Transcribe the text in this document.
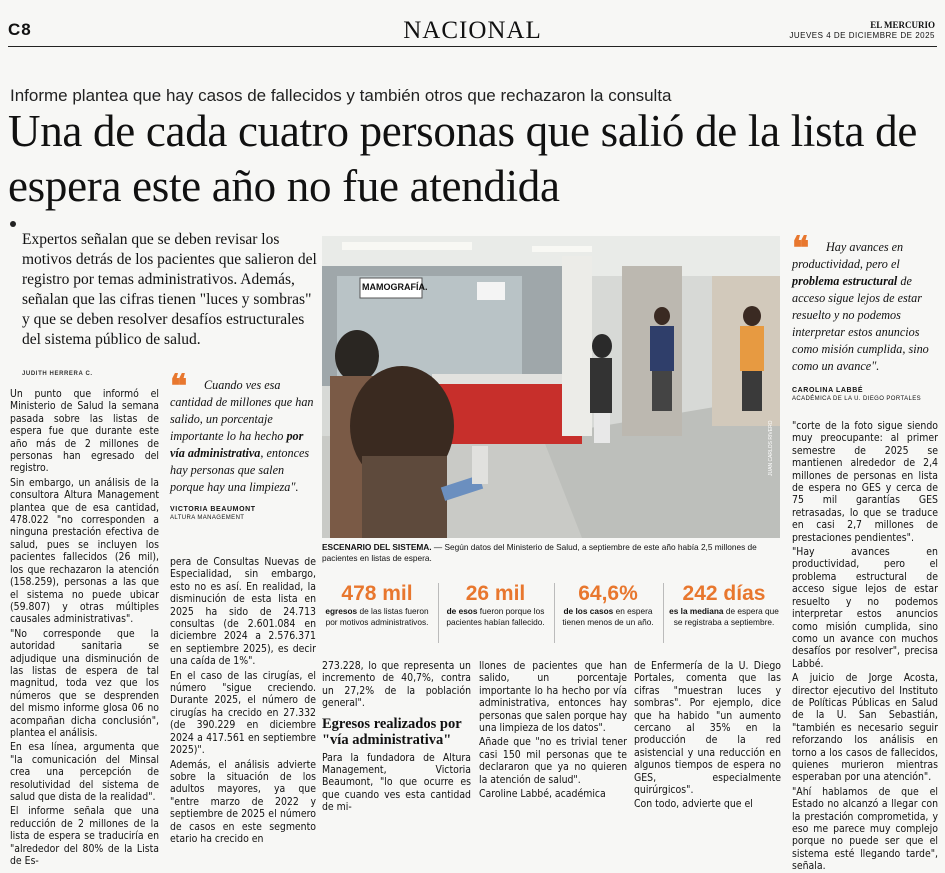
C8	NACIONAL	EL MERCURIO
JUEVES 4 DE DICIEMBRE DE 2025
Informe plantea que hay casos de fallecidos y también otros que rechazaron la consulta
Una de cada cuatro personas que salió de la lista de espera este año no fue atendida
Expertos señalan que se deben revisar los motivos detrás de los pacientes que salieron del registro por temas administrativos. Además, señalan que las cifras tienen "luces y sombras" y que se deben resolver desafíos estructurales del sistema público de salud.
JUDITH HERRERA C.

Un punto que informó el Ministerio de Salud la semana pasada sobre las listas de espera fue que durante este año más de 2 millones de personas han egresado del registro.

Sin embargo, un análisis de la consultora Altura Management plantea que de esa cantidad, 478.022 "no corresponden a ninguna prestación efectiva de salud, pues se incluyen los pacientes fallecidos (26 mil), los que rechazaron la atención (158.259), personas a las que el sistema no puede ubicar (59.807) y otras múltiples causales administrativas".

"No corresponde que la autoridad sanitaria se adjudique una disminución de las listas de espera de tal magnitud, toda vez que los números que se desprenden del mismo informe glosa 06 no acompañan dicha conclusión", plantea el análisis.

En esa línea, argumenta que "la comunicación del Minsal crea una percepción de resolutividad del sistema de salud que dista de la realidad".

El informe señala que una reducción de 2 millones de la lista de espera se traduciría en "alrededor del 80% de la Lista de Es-

❝	Cuando ves esa cantidad de millones que han salido, un porcentaje importante lo ha hecho por vía administrativa, entonces hay personas que salen porque hay una limpieza".
VICTORIA BEAUMONT
ALTURA MANAGEMENT

pera de Consultas Nuevas de Especialidad, sin embargo, esto no es así. En realidad, la disminución de esta lista en 2025 ha sido de 24.713 consultas (de 2.601.084 en diciembre 2024 a 2.576.371 en septiembre 2025), es decir una caída de 1%".

En el caso de las cirugías, el número "sigue creciendo. Durante 2025, el número de cirugías ha crecido en 27.332 (de 390.229 en diciembre 2024 a 417.561 en septiembre 2025)".

Además, el análisis advierte sobre la situación de los adultos mayores, ya que "entre marzo de 2022 y septiembre de 2025 el número de casos en este segmento etario ha crecido en

MAMOGRAFÍA.
JUAN CARLOS RIVERO
ESCENARIO DEL SISTEMA. — Según datos del Ministerio de Salud, a septiembre de este año había 2,5 millones de pacientes en listas de espera.
478 mil
egresos de las listas fueron por motivos administrativos.
26 mil
de esos fueron porque los pacientes habían fallecido.
64,6%
de los casos en espera tienen menos de un año.
242 días
es la mediana de espera que se registraba a septiembre.

273.228, lo que representa un incremento de 40,7%, contra un 27,2% de la población general".

Egresos realizados por "vía administrativa"

Para la fundadora de Altura Management, Victoria Beaumont, "lo que ocurre es que cuando ves esta cantidad de mi-

llones de pacientes que han salido, un porcentaje importante lo ha hecho por vía administrativa, entonces hay personas que salen porque hay una limpieza de los datos".

Añade que "no es trivial tener casi 150 mil personas que te declararon que ya no quieren la atención de salud".

Caroline Labbé, académica

de Enfermería de la U. Diego Portales, comenta que las cifras "muestran luces y sombras". Por ejemplo, dice que ha habido "un aumento cercano al 35% en la producción de la red asistencial y una reducción en algunos tiempos de espera no GES, especialmente quirúrgicos".

Con todo, advierte que el

❝	Hay avances en productividad, pero el problema estructural de acceso sigue lejos de estar resuelto y no podemos interpretar estos anuncios como misión cumplida, sino como un avance".
CAROLINA LABBÉ
ACADÉMICA DE LA U. DIEGO PORTALES

"corte de la foto sigue siendo muy preocupante: al primer semestre de 2025 se mantienen alrededor de 2,4 millones de personas en lista de espera no GES y cerca de 75 mil garantías GES retrasadas, lo que se traduce en casi 2,7 millones de prestaciones pendientes".

"Hay avances en productividad, pero el problema estructural de acceso sigue lejos de estar resuelto y no podemos interpretar estos anuncios como misión cumplida, sino como un avance con muchos desafíos por resolver", precisa Labbé.

A juicio de Jorge Acosta, director ejecutivo del Instituto de Políticas Públicas en Salud de la U. San Sebastián, "también es necesario seguir reforzando los análisis en torno a los casos de fallecidos, quienes murieron mientras esperaban por una atención".

"Ahí hablamos de que el Estado no alcanzó a llegar con la prestación comprometida, y eso me parece muy complejo porque no puede ser que el sistema esté llegando tarde", señala.
